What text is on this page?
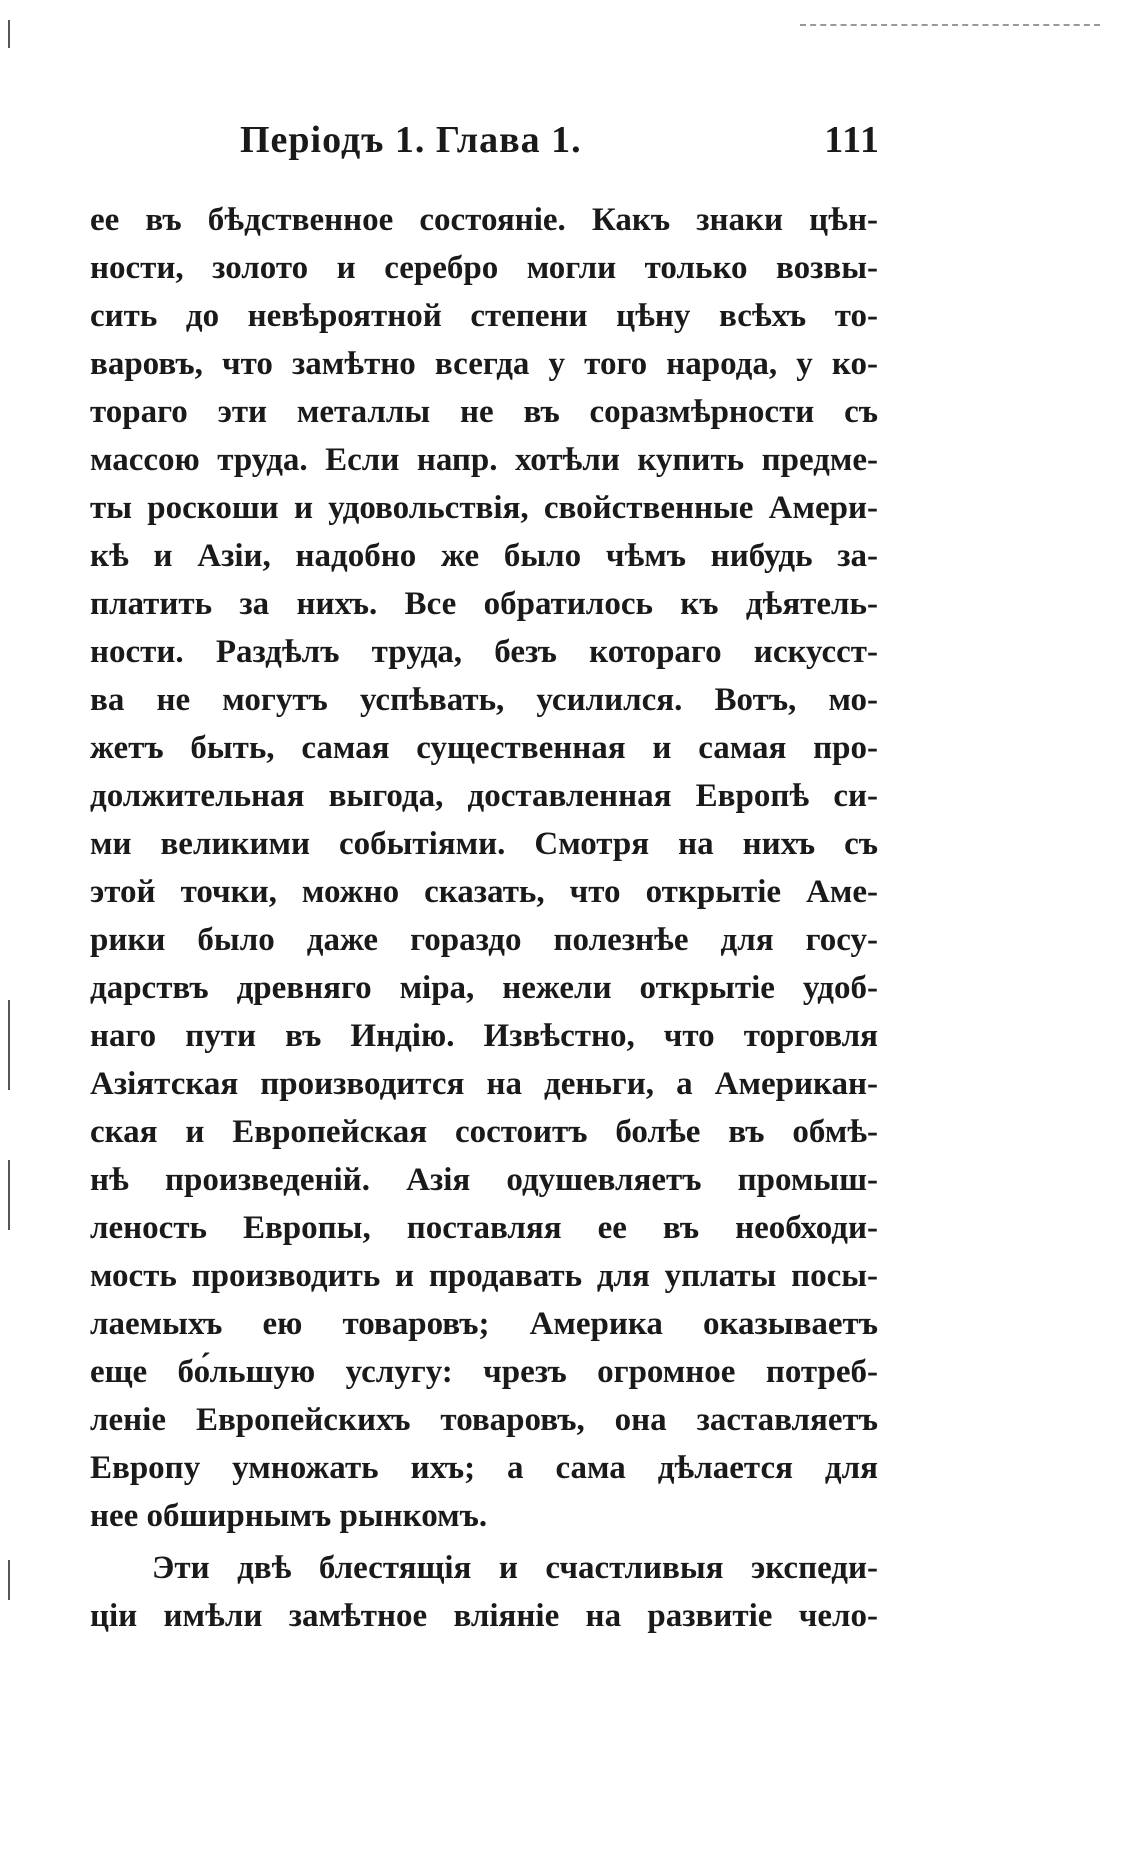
Періодъ 1. Глава 1.	111
ее въ бѣдственное состояніе. Какъ знаки цѣн-
ности, золото и серебро могли только возвы-
сить до невѣроятной степени цѣну всѣхъ то-
варовъ, что замѣтно всегда у того народа, у ко-
тораго эти металлы не въ соразмѣрности съ
массою труда. Если напр. хотѣли купить предме-
ты роскоши и удовольствія, свойственные Амери-
кѣ и Азіи, надобно же было чѣмъ нибудь за-
платить за нихъ. Все обратилось къ дѣятель-
ности. Раздѣлъ труда, безъ котораго искусст-
ва не могутъ успѣвать, усилился. Вотъ, мо-
жетъ быть, самая существенная и самая про-
должительная выгода, доставленная Европѣ си-
ми великими событіями. Смотря на нихъ съ
этой точки, можно сказать, что открытіе Аме-
рики было даже гораздо полезнѣе для госу-
дарствъ древняго міра, нежели открытіе удоб-
наго пути въ Индію. Извѣстно, что торговля
Азіятская производится на деньги, а Американ-
ская и Европейская состоитъ болѣе въ обмѣ-
нѣ произведеній. Азія одушевляетъ промыш-
леность Европы, поставляя ее въ необходи-
мость производить и продавать для уплаты посы-
лаемыхъ ею товаровъ; Америка оказываетъ
еще бо́льшую услугу: чрезъ огромное потреб-
леніе Европейскихъ товаровъ, она заставляетъ
Европу умножать ихъ; а сама дѣлается для
нее обширнымъ рынкомъ.
Эти двѣ блестящія и счастливыя экспеди-
ціи имѣли замѣтное вліяніе на развитіе чело-
